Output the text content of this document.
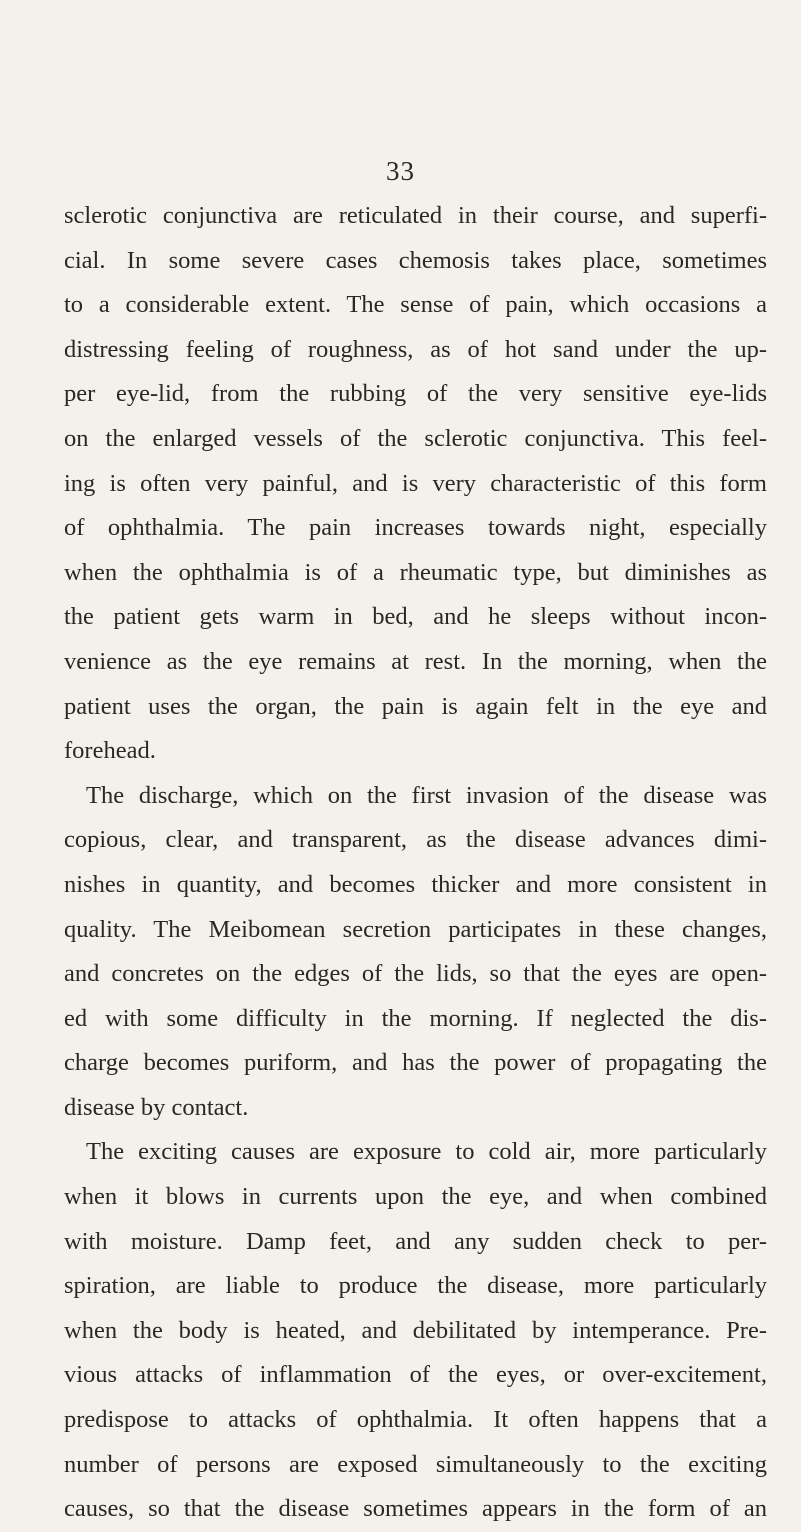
33
sclerotic conjunctiva are reticulated in their course, and superfi-
cial. In some severe cases chemosis takes place, sometimes
to a considerable extent. The sense of pain, which occasions a
distressing feeling of roughness, as of hot sand under the up-
per eye-lid, from the rubbing of the very sensitive eye-lids
on the enlarged vessels of the sclerotic conjunctiva. This feel-
ing is often very painful, and is very characteristic of this form
of ophthalmia. The pain increases towards night, especially
when the ophthalmia is of a rheumatic type, but diminishes as
the patient gets warm in bed, and he sleeps without incon-
venience as the eye remains at rest. In the morning, when the
patient uses the organ, the pain is again felt in the eye and
forehead.
The discharge, which on the first invasion of the disease was
copious, clear, and transparent, as the disease advances dimi-
nishes in quantity, and becomes thicker and more consistent in
quality. The Meibomean secretion participates in these changes,
and concretes on the edges of the lids, so that the eyes are open-
ed with some difficulty in the morning. If neglected the dis-
charge becomes puriform, and has the power of propagating the
disease by contact.
The exciting causes are exposure to cold air, more particularly
when it blows in currents upon the eye, and when combined
with moisture. Damp feet, and any sudden check to per-
spiration, are liable to produce the disease, more particularly
when the body is heated, and debilitated by intemperance. Pre-
vious attacks of inflammation of the eyes, or over-excitement,
predispose to attacks of ophthalmia. It often happens that a
number of persons are exposed simultaneously to the exciting
causes, so that the disease sometimes appears in the form of an
